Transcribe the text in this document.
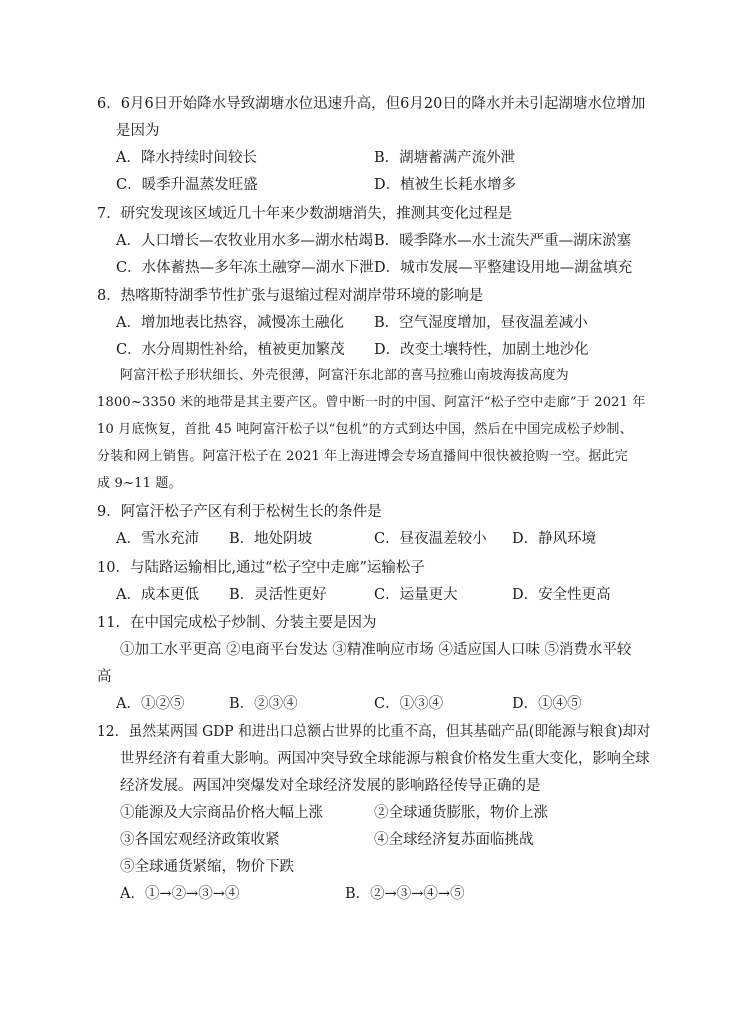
6．6月6日开始降水导致湖塘水位迅速升高，但6月20日的降水并未引起湖塘水位增加
是因为
A．降水持续时间较长	B．湖塘蓄满产流外泄
C．暖季升温蒸发旺盛	D．植被生长耗水增多
7．研究发现该区域近几十年来少数湖塘消失，推测其变化过程是
A．人口增长—农牧业用水多—湖水枯竭 B．暖季降水—水土流失严重—湖床淤塞
C．水体蓄热—多年冻土融穿—湖水下泄 D．城市发展—平整建设用地—湖盆填充
8．热喀斯特湖季节性扩张与退缩过程对湖岸带环境的影响是
A．增加地表比热容，减慢冻土融化 B．空气湿度增加，昼夜温差减小
C．水分周期性补给，植被更加繁茂 D．改变土壤特性，加剧土地沙化
阿富汗松子形状细长、外壳很薄，阿富汗东北部的喜马拉雅山南坡海拔高度为
1800~3350 米的地带是其主要产区。曾中断一时的中国、阿富汗“松子空中走廊”于 2021 年
10 月底恢复，首批 45 吨阿富汗松子以“包机”的方式到达中国，然后在中国完成松子炒制、
分装和网上销售。阿富汗松子在 2021 年上海进博会专场直播间中很快被抢购一空。据此完
成 9~11 题。
9．阿富汗松子产区有利于松树生长的条件是
A．雪水充沛 B．地处阴坡	C．昼夜温差较小 D．静风环境
10．与陆路运输相比,通过“松子空中走廊”运输松子
A．成本更低 B．灵活性更好	C．运量更大	D．安全性更高
11．在中国完成松子炒制、分装主要是因为
①加工水平更高 ②电商平台发达 ③精准响应市场 ④适应国人口味 ⑤消费水平较
高
A．①②⑤	B．②③④	C．①③④	D．①④⑤
12．虽然某两国 GDP 和进出口总额占世界的比重不高，但其基础产品(即能源与粮食)却对
世界经济有着重大影响。两国冲突导致全球能源与粮食价格发生重大变化，影响全球
经济发展。两国冲突爆发对全球经济发展的影响路径传导正确的是
①能源及大宗商品价格大幅上涨	②全球通货膨胀，物价上涨
③各国宏观经济政策收紧	④全球经济复苏面临挑战
⑤全球通货紧缩，物价下跌
A．①→②→③→④	B．②→③→④→⑤
